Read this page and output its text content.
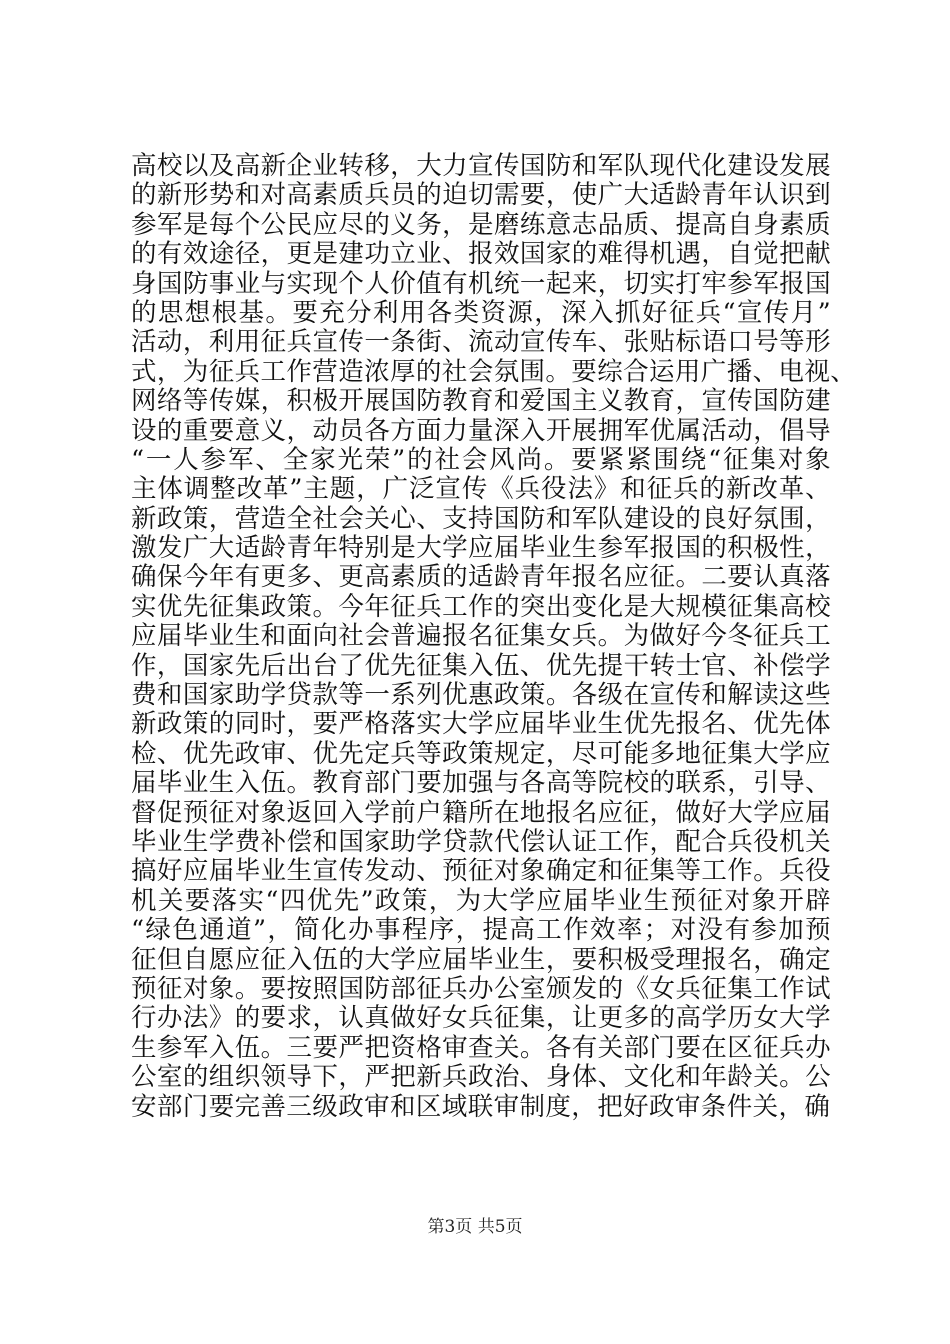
高校以及高新企业转移，大力宣传国防和军队现代化建设发展
的新形势和对高素质兵员的迫切需要，使广大适龄青年认识到
参军是每个公民应尽的义务，是磨练意志品质、提高自身素质
的有效途径，更是建功立业、报效国家的难得机遇，自觉把献
身国防事业与实现个人价值有机统一起来，切实打牢参军报国
的思想根基。要充分利用各类资源，深入抓好征兵“宣传月”
活动，利用征兵宣传一条街、流动宣传车、张贴标语口号等形
式，为征兵工作营造浓厚的社会氛围。要综合运用广播、电视、
网络等传媒，积极开展国防教育和爱国主义教育，宣传国防建
设的重要意义，动员各方面力量深入开展拥军优属活动，倡导
“一人参军、全家光荣”的社会风尚。要紧紧围绕“征集对象
主体调整改革”主题，广泛宣传《兵役法》和征兵的新改革、
新政策，营造全社会关心、支持国防和军队建设的良好氛围，
激发广大适龄青年特别是大学应届毕业生参军报国的积极性，
确保今年有更多、更高素质的适龄青年报名应征。二要认真落
实优先征集政策。今年征兵工作的突出变化是大规模征集高校
应届毕业生和面向社会普遍报名征集女兵。为做好今冬征兵工
作，国家先后出台了优先征集入伍、优先提干转士官、补偿学
费和国家助学贷款等一系列优惠政策。各级在宣传和解读这些
新政策的同时，要严格落实大学应届毕业生优先报名、优先体
检、优先政审、优先定兵等政策规定，尽可能多地征集大学应
届毕业生入伍。教育部门要加强与各高等院校的联系，引导、
督促预征对象返回入学前户籍所在地报名应征，做好大学应届
毕业生学费补偿和国家助学贷款代偿认证工作，配合兵役机关
搞好应届毕业生宣传发动、预征对象确定和征集等工作。兵役
机关要落实“四优先”政策，为大学应届毕业生预征对象开辟
“绿色通道”，简化办事程序，提高工作效率；对没有参加预
征但自愿应征入伍的大学应届毕业生，要积极受理报名，确定
预征对象。要按照国防部征兵办公室颁发的《女兵征集工作试
行办法》的要求，认真做好女兵征集，让更多的高学历女大学
生参军入伍。三要严把资格审查关。各有关部门要在区征兵办
公室的组织领导下，严把新兵政治、身体、文化和年龄关。公
安部门要完善三级政审和区域联审制度，把好政审条件关，确
第3页 共5页
